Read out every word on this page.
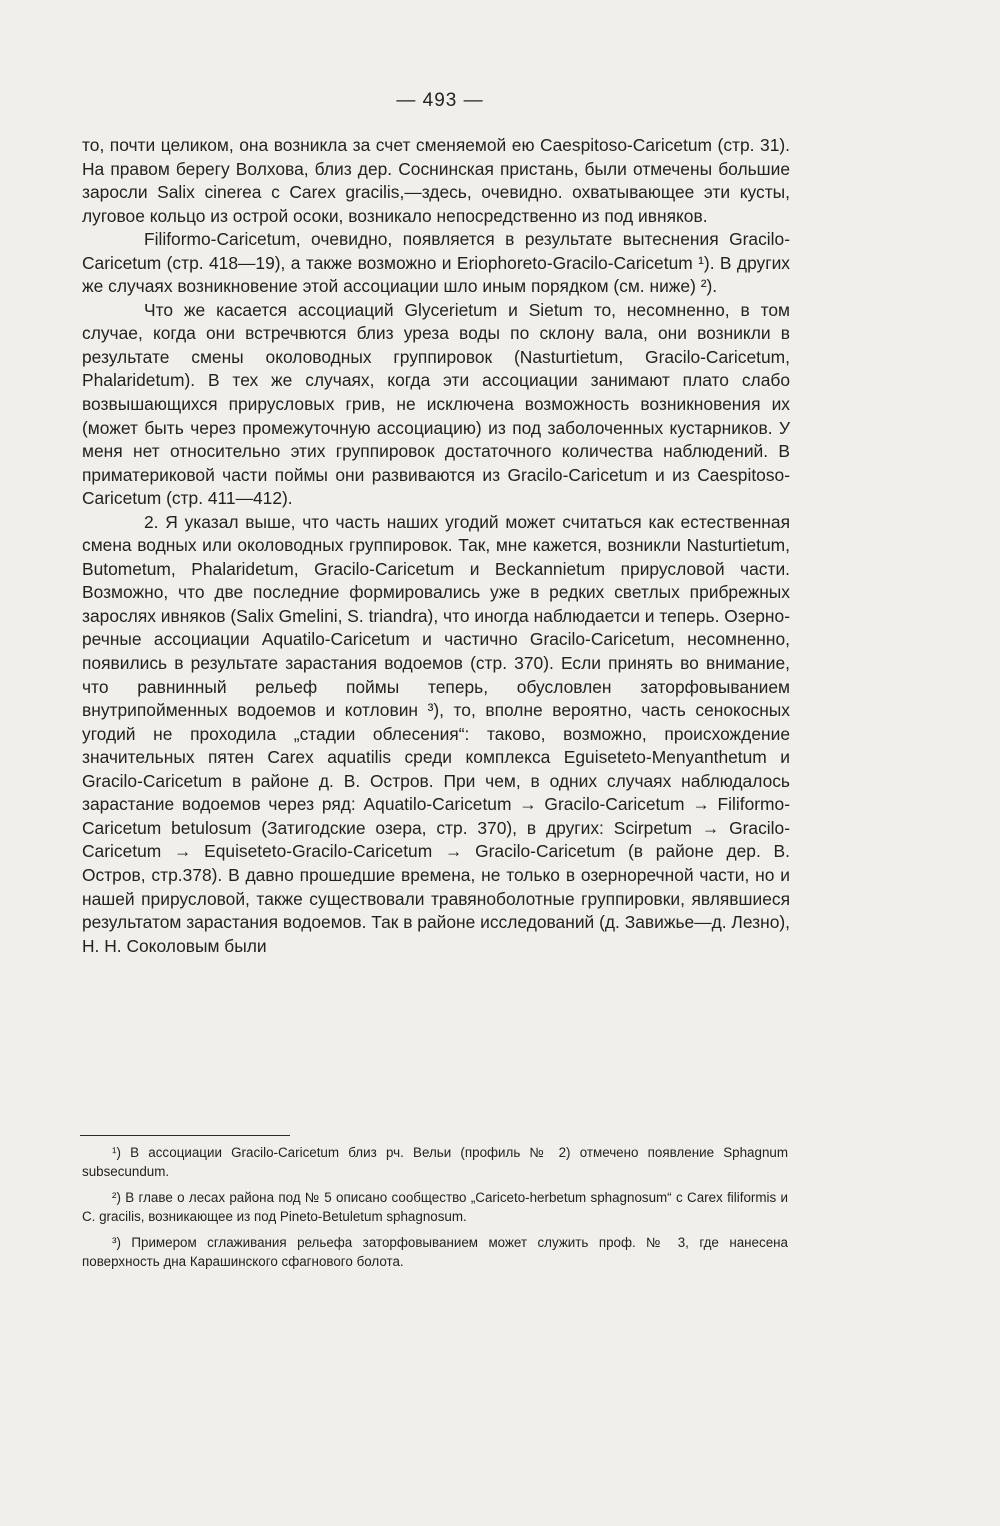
— 493 —

то, почти целиком, она возникла за счет сменяемой ею Caespitoso-Caricetum (стр. 31). На правом берегу Волхова, близ дер. Соснинская пристань, были отмечены большие заросли Salix cinerea с Carex gracilis,—здесь, очевидно. охватывающее эти кусты, луговое кольцо из острой осоки, возникало непосредственно из под ивняков.

Filiformo-Caricetum, очевидно, появляется в результате вытеснения Gracilo-Caricetum (стр. 418—19), а также возможно и Eriophoreto-Gracilo-Caricetum ¹). В других же случаях возникновение этой ассоциации шло иным порядком (см. ниже) ²).

Что же касается ассоциаций Glycerietum и Sietum то, несомненно, в том случае, когда они встречвются близ уреза воды по склону вала, они возникли в результате смены околоводных группировок (Nasturtietum, Gracilo-Caricetum, Phalaridetum). В тех же случаях, когда эти ассоциации занимают плато слабо возвышающихся прирусловых грив, не исключена возможность возникновения их (может быть через промежуточную ассоциацию) из под заболоченных кустарников. У меня нет относительно этих группировок достаточного количества наблюдений. В приматериковой части поймы они развиваются из Gracilo-Caricetum и из Caespitoso-Caricetum (стр. 411—412).

2. Я указал выше, что часть наших угодий может считаться как естественная смена водных или околоводных группировок. Так, мне кажется, возникли Nasturtietum, Butometum, Phalaridetum, Gracilo-Caricetum и Beckannietum прирусловой части. Возможно, что две последние формировались уже в редких светлых прибрежных зарослях ивняков (Salix Gmelini, S. triandra), что иногда наблюдаетси и теперь. Озерно-речные ассоциации Aquatilo-Caricetum и частично Gracilo-Caricetum, несомненно, появились в результате зарастания водоемов (стр. 370). Если принять во внимание, что равнинный рельеф поймы теперь, обусловлен заторфовыванием внутрипойменных водоемов и котловин ³), то, вполне вероятно, часть сенокосных угодий не проходила „стадии облесения“: таково, возможно, происхождение значительных пятен Carex aquatilis среди комплекса Eguiseteto-Menyanthetum и Gracilo-Caricetum в районе д. В. Остров. При чем, в одних случаях наблюдалось зарастание водоемов через ряд: Aquatilo-Caricetum → Gracilo-Caricetum → Filiformo-Caricetum betulosum (Затигодские озера, стр. 370), в других: Scirpetum → Gracilo-Caricetum → Equiseteto-Gracilo-Caricetum → Gracilo-Caricetum (в районе дер. В. Остров, стр.378). В давно прошедшие времена, не только в озерноречной части, но и нашей прирусловой, также существовали травяноболотные группировки, являвшиеся результатом зарастания водоемов. Так в районе исследований (д. Завижье—д. Лезно), Н. Н. Соколовым были

¹) В ассоциации Gracilo-Caricetum близ рч. Вельи (профиль № 2) отмечено появление Sphagnum subsecundum.

²) В главе о лесах района под № 5 описано сообщество „Cariceto-herbetum sphagnosum“ с Carex filiformis и C. gracilis, возникающее из под Pineto-Betuletum sphagnosum.

³) Примером сглаживания рельефа заторфовыванием может служить проф. № 3, где нанесена поверхность дна Карашинского сфагнового болота.
